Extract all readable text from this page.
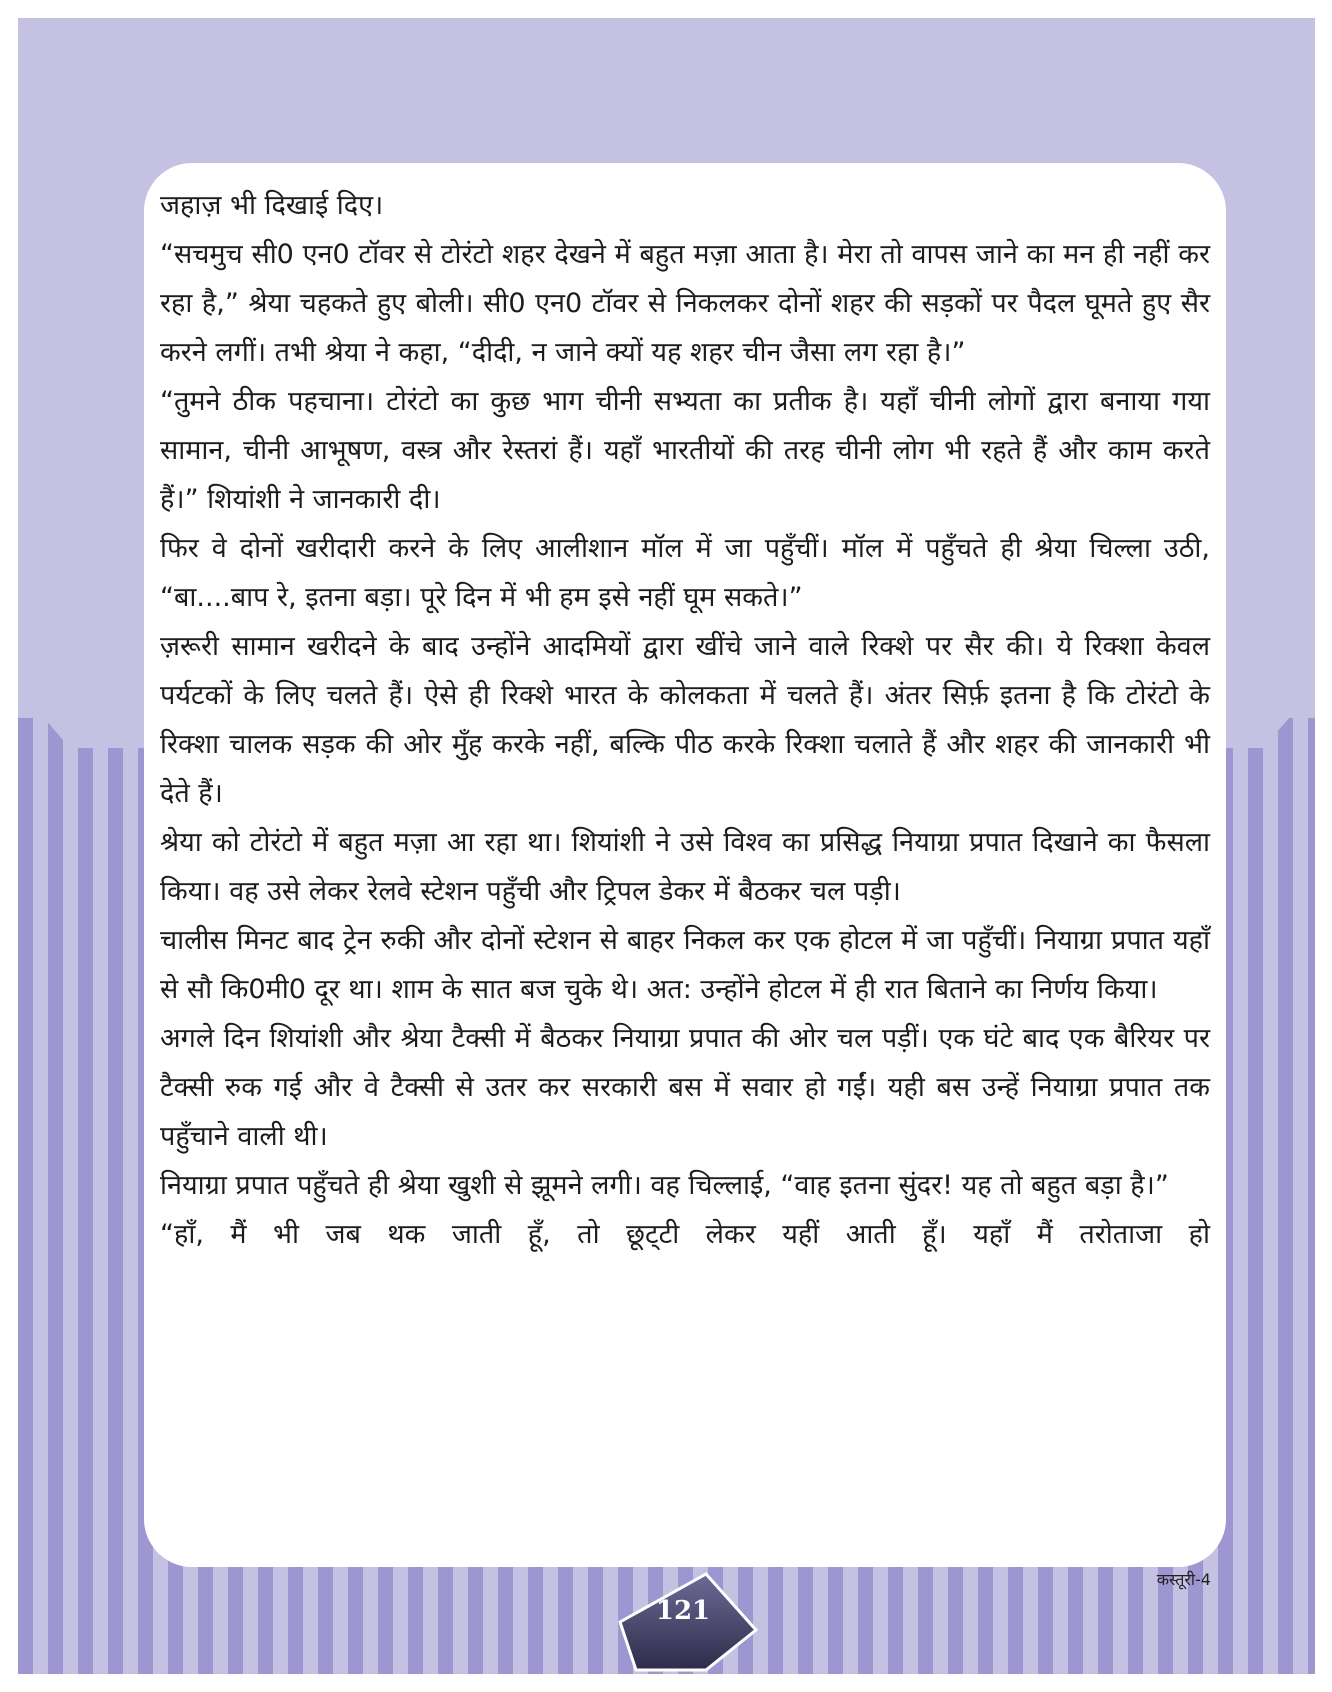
जहाज़ भी दिखाई दिए।

“सचमुच सी0 एन0 टॉवर से टोरंटो शहर देखने में बहुत मज़ा आता है। मेरा तो वापस जाने का मन ही नहीं कर रहा है,” श्रेया चहकते हुए बोली। सी0 एन0 टॉवर से निकलकर दोनों शहर की सड़कों पर पैदल घूमते हुए सैर करने लगीं। तभी श्रेया ने कहा, “दीदी, न जाने क्यों यह शहर चीन जैसा लग रहा है।”

“तुमने ठीक पहचाना। टोरंटो का कुछ भाग चीनी सभ्यता का प्रतीक है। यहाँ चीनी लोगों द्वारा बनाया गया सामान, चीनी आभूषण, वस्त्र और रेस्तरां हैं। यहाँ भारतीयों की तरह चीनी लोग भी रहते हैं और काम करते हैं।” शियांशी ने जानकारी दी।

फिर वे दोनों खरीदारी करने के लिए आलीशान मॉल में जा पहुँचीं। मॉल में पहुँचते ही श्रेया चिल्ला उठी, “बा....बाप रे, इतना बड़ा। पूरे दिन में भी हम इसे नहीं घूम सकते।”

ज़रूरी सामान खरीदने के बाद उन्होंने आदमियों द्वारा खींचे जाने वाले रिक्शे पर सैर की। ये रिक्शा केवल पर्यटकों के लिए चलते हैं। ऐसे ही रिक्शे भारत के कोलकता में चलते हैं। अंतर सिर्फ़ इतना है कि टोरंटो के रिक्शा चालक सड़क की ओर मुँह करके नहीं, बल्कि पीठ करके रिक्शा चलाते हैं और शहर की जानकारी भी देते हैं।

श्रेया को टोरंटो में बहुत मज़ा आ रहा था। शियांशी ने उसे विश्व का प्रसिद्ध नियाग्रा प्रपात दिखाने का फैसला किया। वह उसे लेकर रेलवे स्टेशन पहुँची और ट्रिपल डेकर में बैठकर चल पड़ी।

चालीस मिनट बाद ट्रेन रुकी और दोनों स्टेशन से बाहर निकल कर एक होटल में जा पहुँचीं। नियाग्रा प्रपात यहाँ से सौ कि0मी0 दूर था। शाम के सात बज चुके थे। अत: उन्होंने होटल में ही रात बिताने का निर्णय किया।

अगले दिन शियांशी और श्रेया टैक्सी में बैठकर नियाग्रा प्रपात की ओर चल पड़ीं। एक घंटे बाद एक बैरियर पर टैक्सी रुक गई और वे टैक्सी से उतर कर सरकारी बस में सवार हो गईं। यही बस उन्हें नियाग्रा प्रपात तक पहुँचाने वाली थी।

नियाग्रा प्रपात पहुँचते ही श्रेया खुशी से झूमने लगी। वह चिल्लाई, “वाह इतना सुंदर! यह तो बहुत बड़ा है।”

“हाँ, मैं भी जब थक जाती हूँ, तो छूट्‌टी लेकर यहीं आती हूँ। यहाँ मैं तरोताजा हो

कस्तूरी-4
121
